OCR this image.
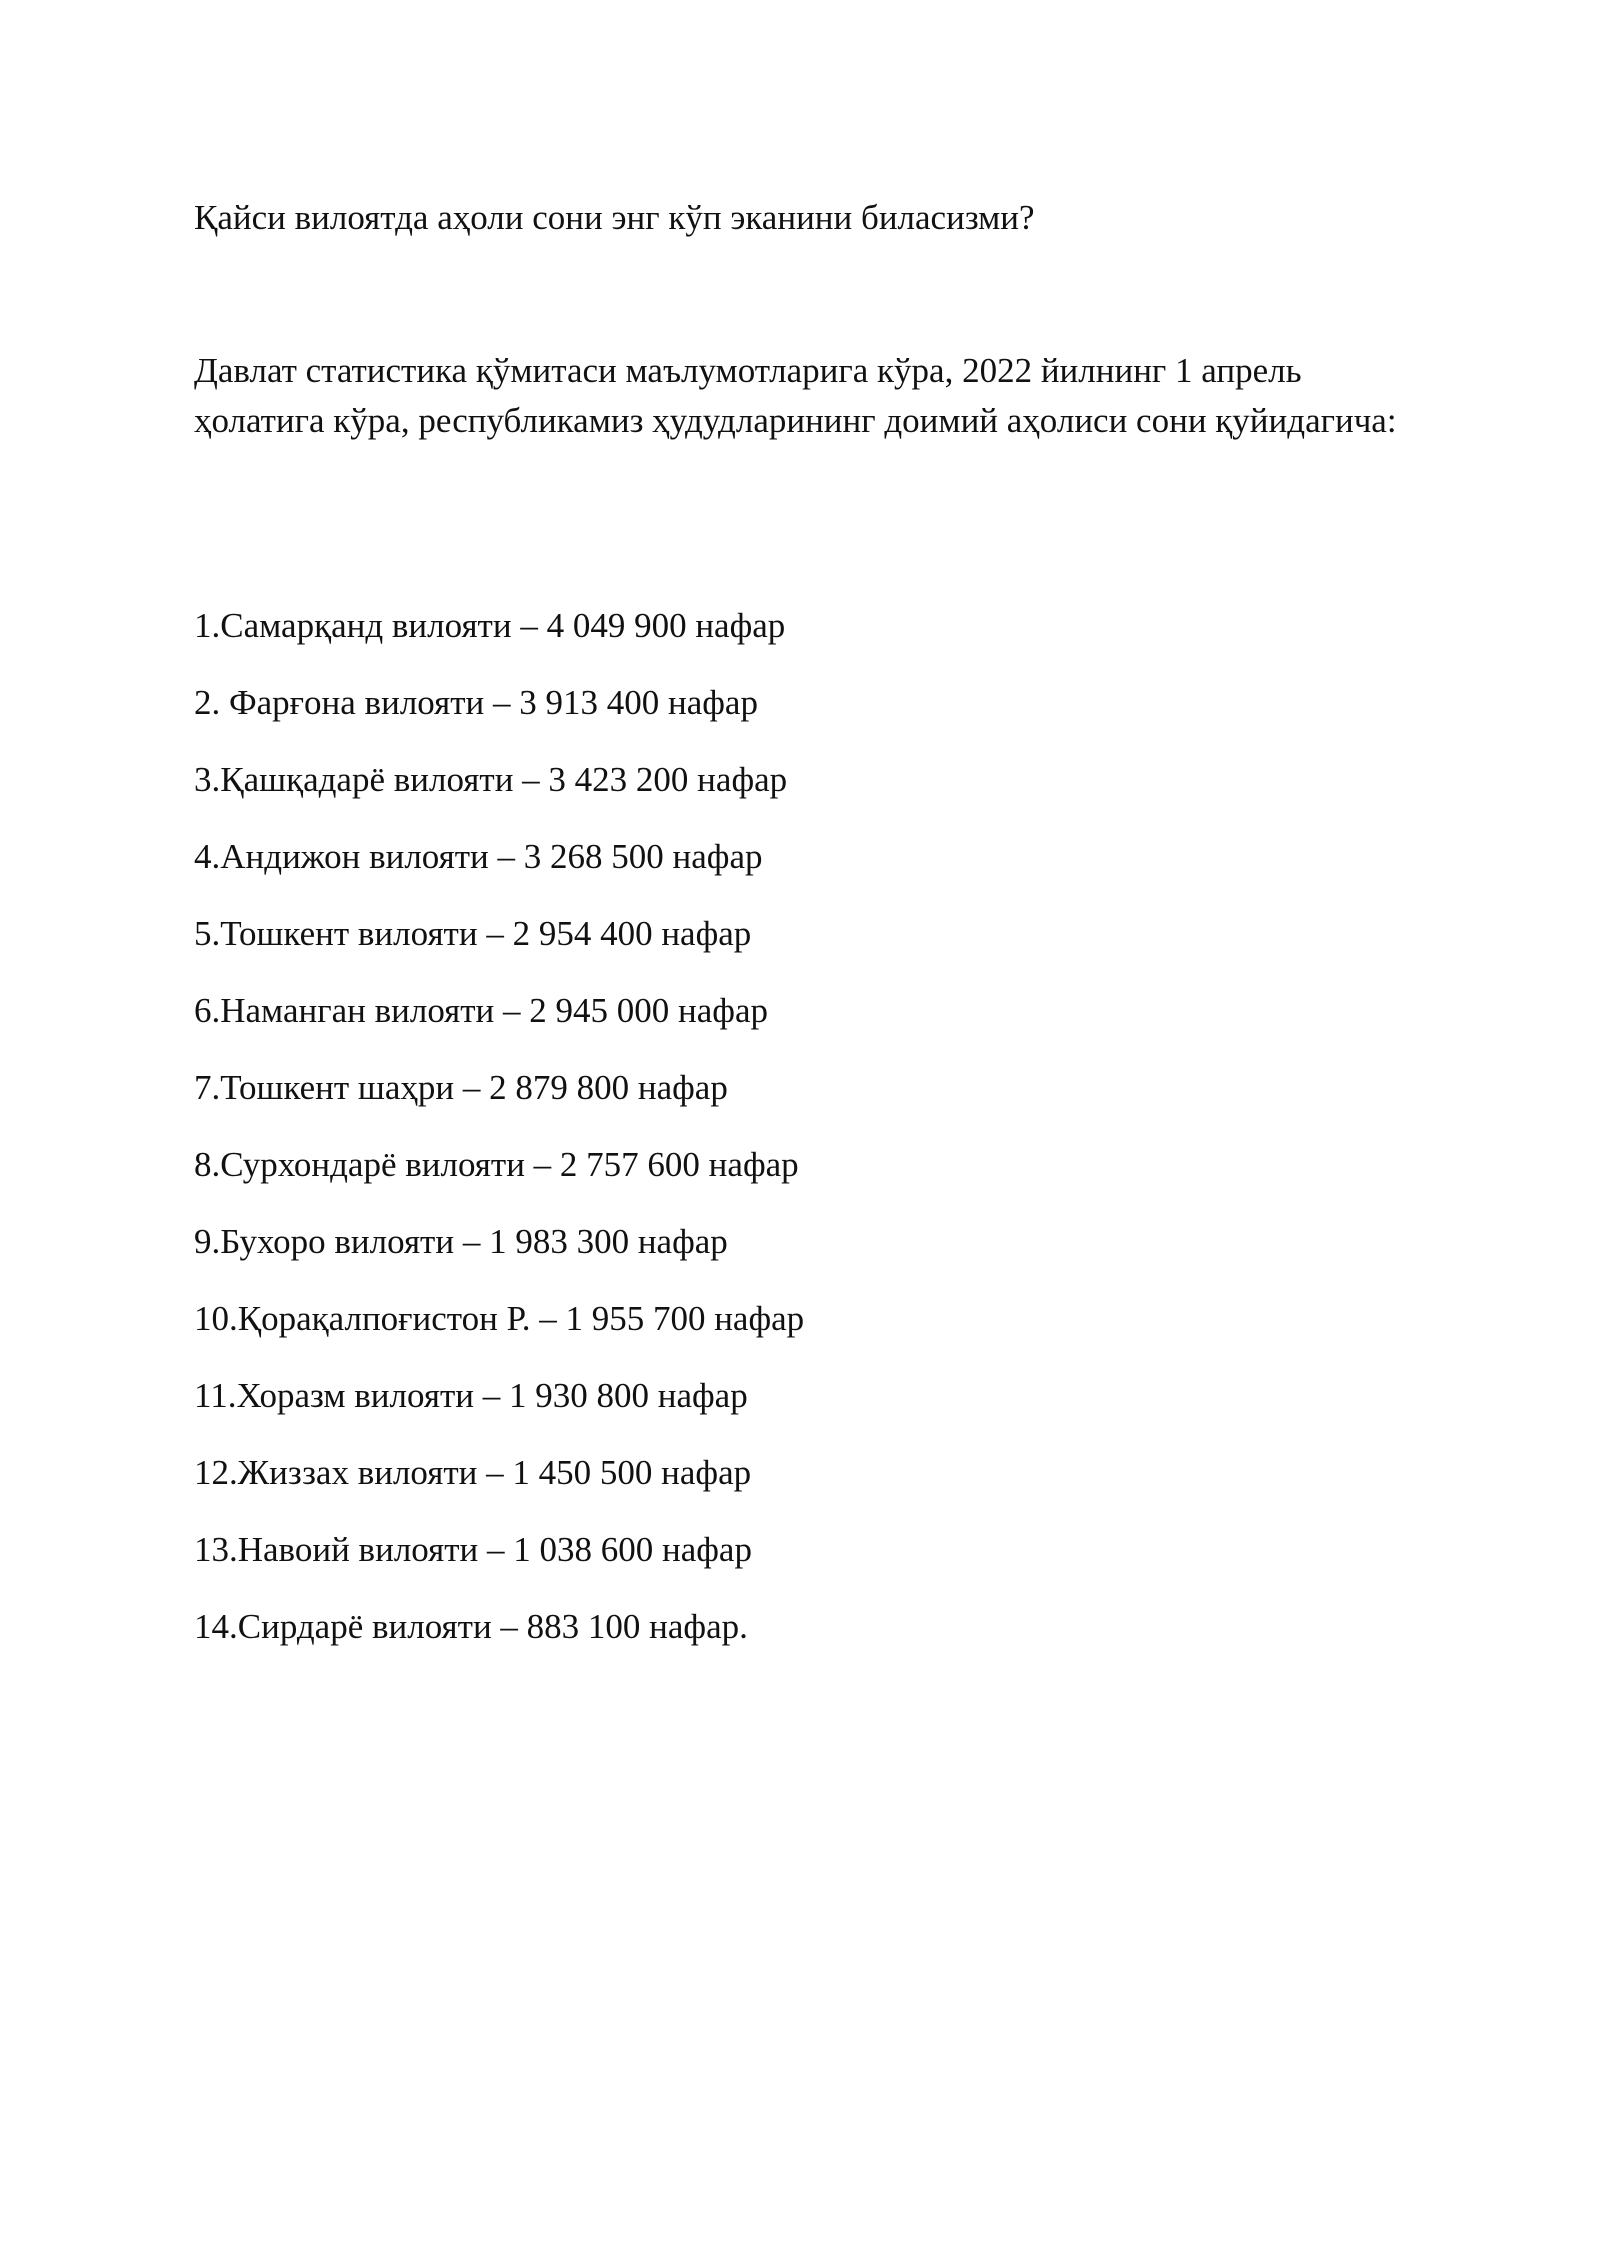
Қайси вилоятда аҳоли сони энг кўп эканини биласизми?

Давлат статистика қўмитаси маълумотларига кўра, 2022 йилнинг 1 апрель ҳолатига кўра, республикамиз ҳудудларининг доимий аҳолиси сони қуйидагича:

1.Самарқанд вилояти – 4 049 900 нафар
2. Фарғона вилояти – 3 913 400 нафар
3.Қашқадарё вилояти – 3 423 200 нафар
4.Андижон вилояти – 3 268 500 нафар
5.Тошкент вилояти – 2 954 400 нафар
6.Наманган вилояти – 2 945 000 нафар
7.Тошкент шаҳри – 2 879 800 нафар
8.Сурхондарё вилояти – 2 757 600 нафар
9.Бухоро вилояти – 1 983 300 нафар
10.Қорақалпоғистон Р. – 1 955 700 нафар
11.Хоразм вилояти – 1 930 800 нафар
12.Жиззах вилояти – 1 450 500 нафар
13.Навоий вилояти – 1 038 600 нафар
14.Сирдарё вилояти – 883 100 нафар.
